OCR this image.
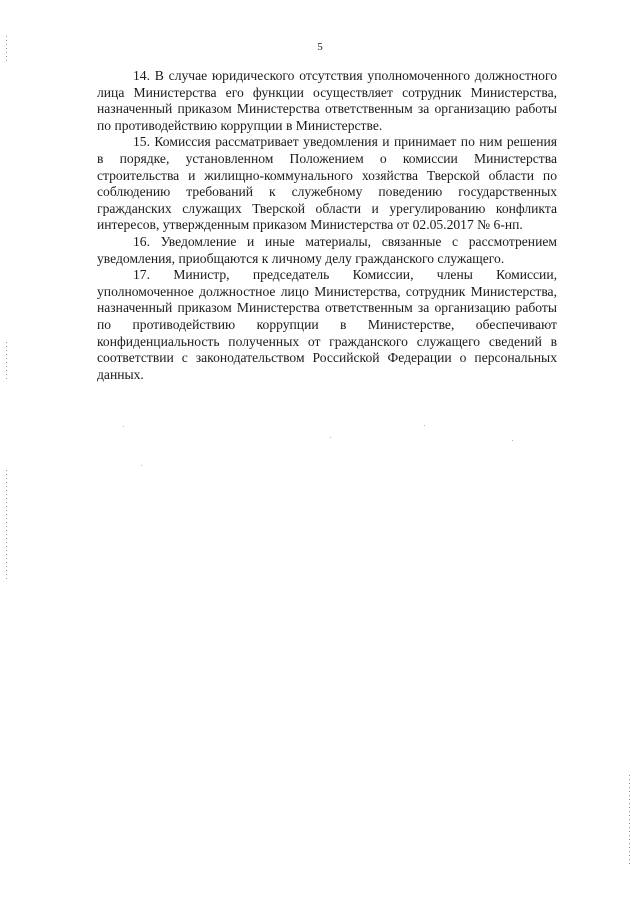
5

14. В случае юридического отсутствия уполномоченного должностного лица Министерства его функции осуществляет сотрудник Министерства, назначенный приказом Министерства ответственным за организацию работы по противодействию коррупции в Министерстве.

15. Комиссия рассматривает уведомления и принимает по ним решения в порядке, установленном Положением о комиссии Министерства строительства и жилищно-коммунального хозяйства Тверской области по соблюдению требований к служебному поведению государственных гражданских служащих Тверской области и урегулированию конфликта интересов, утвержденным приказом Министерства от 02.05.2017 № 6-нп.

16. Уведомление и иные материалы, связанные с рассмотрением уведомления, приобщаются к личному делу гражданского служащего.

17. Министр, председатель Комиссии, члены Комиссии, уполномоченное должностное лицо Министерства, сотрудник Министерства, назначенный приказом Министерства ответственным за организацию работы по противодействию коррупции в Министерстве, обеспечивают конфиденциальность полученных от гражданского служащего сведений в соответствии с законодательством Российской Федерации о персональных данных.
